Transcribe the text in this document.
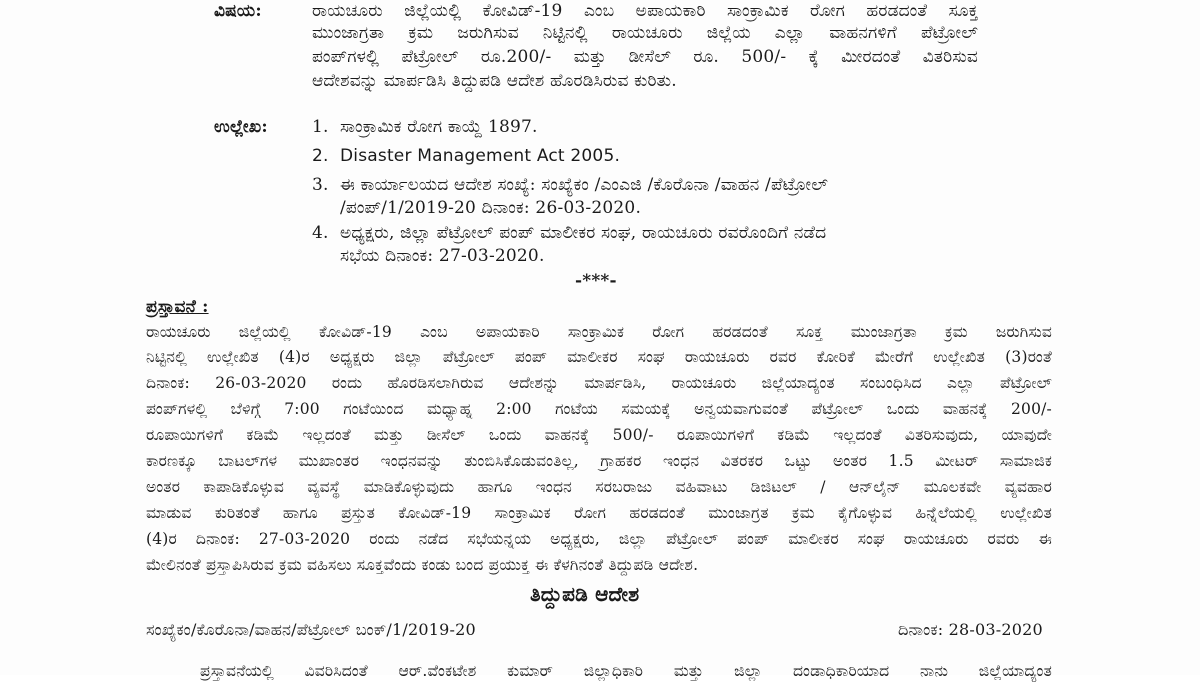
ವಿಷಯ:	ರಾಯಚೂರು ಜಿಲ್ಲೆಯಲ್ಲಿ ಕೋವಿಡ್-19 ಎಂಬ ಅಪಾಯಕಾರಿ ಸಾಂಕ್ರಾಮಿಕ ರೋಗ ಹರಡದಂತೆ ಸೂಕ್ತ
ಮುಂಜಾಗ್ರತಾ ಕ್ರಮ ಜರುಗಿಸುವ ನಿಟ್ಟಿನಲ್ಲಿ ರಾಯಚೂರು ಜಿಲ್ಲೆಯ ಎಲ್ಲಾ ವಾಹನಗಳಿಗೆ ಪೆಟ್ರೋಲ್
ಪಂಪ್‌ಗಳಲ್ಲಿ ಪೆಟ್ರೋಲ್ ರೂ.200/- ಮತ್ತು ಡೀಸೆಲ್ ರೂ. 500/- ಕ್ಕೆ ಮೀರದಂತೆ ವಿತರಿಸುವ
ಆದೇಶವನ್ನು ಮಾರ್ಪಡಿಸಿ ತಿದ್ದುಪಡಿ ಆದೇಶ ಹೊರಡಿಸಿರುವ ಕುರಿತು.
ಉಲ್ಲೇಖ:	1. ಸಾಂಕ್ರಾಮಿಕ ರೋಗ ಕಾಯ್ದೆ 1897.
2. Disaster Management Act 2005.
3. ಈ ಕಾರ್ಯಾಲಯದ ಆದೇಶ ಸಂಖ್ಯೆ: ಸಂಖ್ಯೆಕಂ /ಎಂಎಜಿ /ಕೊರೊನಾ /ವಾಹನ /ಪೆಟ್ರೋಲ್
/ಪಂಪ್/1/2019-20 ದಿನಾಂಕ: 26-03-2020.
4. ಅಧ್ಯಕ್ಷರು, ಜಿಲ್ಲಾ ಪೆಟ್ರೋಲ್ ಪಂಪ್ ಮಾಲೀಕರ ಸಂಘ, ರಾಯಚೂರು ರವರೊಂದಿಗೆ ನಡೆದ
ಸಭೆಯ ದಿನಾಂಕ: 27-03-2020.
-***-
ಪ್ರಸ್ತಾವನೆ :
ರಾಯಚೂರು ಜಿಲ್ಲೆಯಲ್ಲಿ ಕೋವಿಡ್-19 ಎಂಬ ಅಪಾಯಕಾರಿ ಸಾಂಕ್ರಾಮಿಕ ರೋಗ ಹರಡದಂತೆ ಸೂಕ್ತ ಮುಂಜಾಗ್ರತಾ ಕ್ರಮ ಜರುಗಿಸುವ
ನಿಟ್ಟಿನಲ್ಲಿ ಉಲ್ಲೇಖಿತ (4)ರ ಅಧ್ಯಕ್ಷರು ಜಿಲ್ಲಾ ಪೆಟ್ರೋಲ್ ಪಂಪ್ ಮಾಲೀಕರ ಸಂಘ ರಾಯಚೂರು ರವರ ಕೋರಿಕೆ ಮೇರೆಗೆ ಉಲ್ಲೇಖಿತ (3)ರಂತೆ
ದಿನಾಂಕ: 26-03-2020 ರಂದು ಹೊರಡಿಸಲಾಗಿರುವ ಆದೇಶನ್ನು ಮಾರ್ಪಡಿಸಿ, ರಾಯಚೂರು ಜಿಲ್ಲೆಯಾದ್ಯಂತ ಸಂಬಂಧಿಸಿದ ಎಲ್ಲಾ ಪೆಟ್ರೋಲ್
ಪಂಪ್‌ಗಳಲ್ಲಿ ಬೆಳಿಗ್ಗೆ 7:00 ಗಂಟೆಯಿಂದ ಮಧ್ಯಾಹ್ನ 2:00 ಗಂಟೆಯ ಸಮಯಕ್ಕೆ ಅನ್ವಯವಾಗುವಂತೆ ಪೆಟ್ರೋಲ್ ಒಂದು ವಾಹನಕ್ಕೆ 200/-
ರೂಪಾಯಿಗಳಿಗೆ ಕಡಿಮೆ ಇಲ್ಲದಂತೆ ಮತ್ತು ಡೀಸೆಲ್ ಒಂದು ವಾಹನಕ್ಕೆ 500/- ರೂಪಾಯಿಗಳಿಗೆ ಕಡಿಮೆ ಇಲ್ಲದಂತೆ ವಿತರಿಸುವುದು, ಯಾವುದೇ
ಕಾರಣಕ್ಕೂ ಬಾಟಲ್‌ಗಳ ಮುಖಾಂತರ ಇಂಧನವನ್ನು ತುಂಬಿಸಿಕೊಡುವಂತಿಲ್ಲ, ಗ್ರಾಹಕರ ಇಂಧನ ವಿತರಕರ ಒಟ್ಟು ಅಂತರ 1.5 ಮೀಟರ್ ಸಾಮಾಜಿಕ
ಅಂತರ ಕಾಪಾಡಿಕೊಳ್ಳುವ ವ್ಯವಸ್ಥೆ ಮಾಡಿಕೊಳ್ಳುವುದು ಹಾಗೂ ಇಂಧನ ಸರಬರಾಜು ವಹಿವಾಟು ಡಿಜಿಟಲ್ / ಆನ್‌ಲೈನ್ ಮೂಲಕವೇ ವ್ಯವಹಾರ
ಮಾಡುವ ಕುರಿತಂತೆ ಹಾಗೂ ಪ್ರಸ್ತುತ ಕೋವಿಡ್-19 ಸಾಂಕ್ರಾಮಿಕ ರೋಗ ಹರಡದಂತೆ ಮುಂಜಾಗ್ರತ ಕ್ರಮ ಕೈಗೊಳ್ಳುವ ಹಿನ್ನೆಲೆಯಲ್ಲಿ ಉಲ್ಲೇಖಿತ
(4)ರ ದಿನಾಂಕ: 27-03-2020 ರಂದು ನಡೆದ ಸಭೆಯನ್ನಯ ಅಧ್ಯಕ್ಷರು, ಜಿಲ್ಲಾ ಪೆಟ್ರೋಲ್ ಪಂಪ್ ಮಾಲೀಕರ ಸಂಘ ರಾಯಚೂರು ರವರು ಈ
ಮೇಲಿನಂತೆ ಪ್ರಸ್ತಾಪಿಸಿರುವ ಕ್ರಮ ವಹಿಸಲು ಸೂಕ್ತವೆಂದು ಕಂಡು ಬಂದ ಪ್ರಯುಕ್ತ ಈ ಕೆಳಗಿನಂತೆ ತಿದ್ದುಪಡಿ ಆದೇಶ.
ತಿದ್ದುಪಡಿ ಆದೇಶ
ಸಂಖ್ಯೆಕಂ/ಕೊರೊನಾ/ವಾಹನ/ಪೆಟ್ರೋಲ್ ಬಂಕ್/1/2019-20	ದಿನಾಂಕ: 28-03-2020
ಪ್ರಸ್ತಾವನೆಯಲ್ಲಿ ವಿವರಿಸಿದಂತೆ ಆರ್.ವೆಂಕಟೇಶ ಕುಮಾರ್ ಜಿಲ್ಲಾಧಿಕಾರಿ ಮತ್ತು ಜಿಲ್ಲಾ ದಂಡಾಧಿಕಾರಿಯಾದ ನಾನು ಜಿಲ್ಲೆಯಾದ್ಯಂತ
